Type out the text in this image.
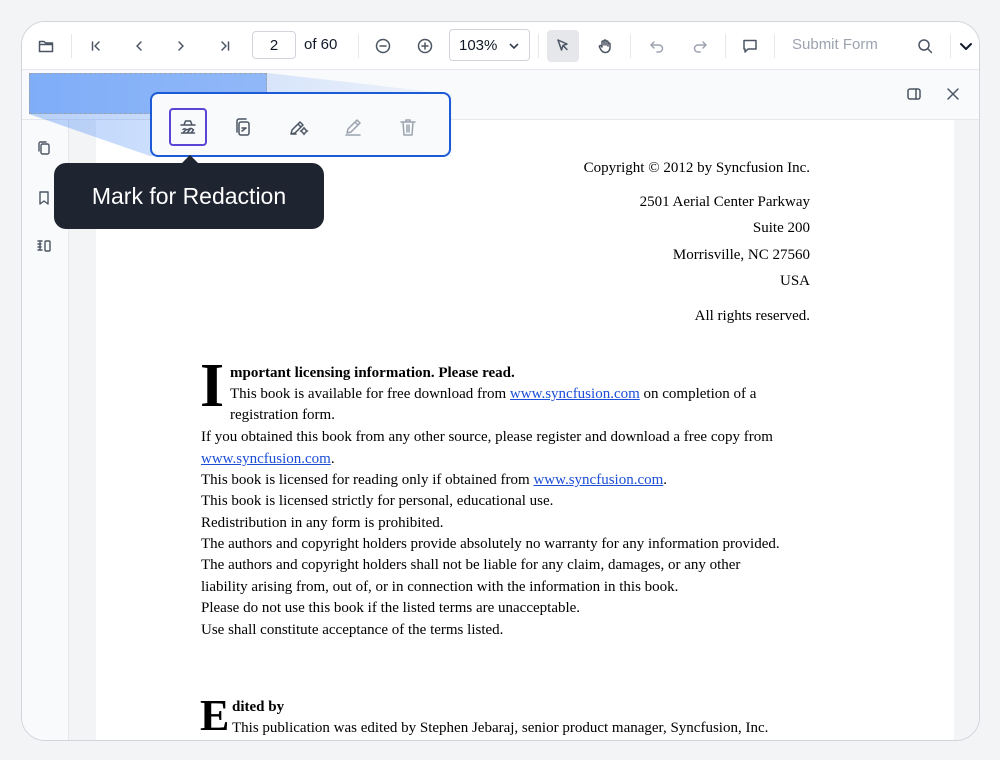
2	of 60	103%	Submit Form
Copyright © 2012 by Syncfusion Inc.
2501 Aerial Center Parkway
Suite 200
Morrisville, NC 27560
USA
All rights reserved.
I mportant licensing information. Please read.
This book is available for free download from www.syncfusion.com on completion of a
registration form.
If you obtained this book from any other source, please register and download a free copy from
www.syncfusion.com.
This book is licensed for reading only if obtained from www.syncfusion.com.
This book is licensed strictly for personal, educational use.
Redistribution in any form is prohibited.
The authors and copyright holders provide absolutely no warranty for any information provided.
The authors and copyright holders shall not be liable for any claim, damages, or any other
liability arising from, out of, or in connection with the information in this book.
Please do not use this book if the listed terms are unacceptable.
Use shall constitute acceptance of the terms listed.
E dited by
This publication was edited by Stephen Jebaraj, senior product manager, Syncfusion, Inc.
Mark for Redaction
